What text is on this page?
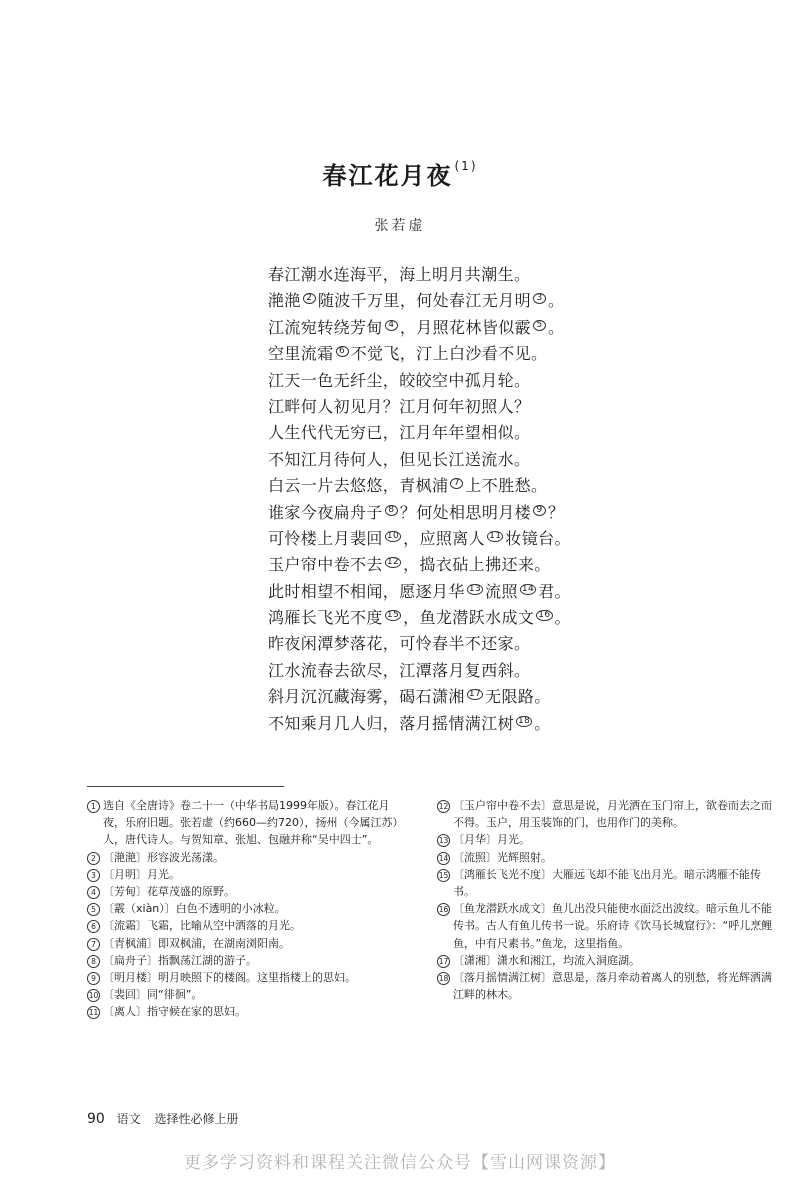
春江花月夜 $^{(1)}$
张若虚
春江潮水连海平，海上明月共潮生。
滟滟 2 随波千万里，何处春江无月明 3 。
江流宛转绕芳甸 4 ，月照花林皆似霰 5 。
空里流霜 6 不觉飞，汀上白沙看不见。
江天一色无纤尘，皎皎空中孤月轮。
江畔何人初见月？江月何年初照人？
人生代代无穷已，江月年年望相似。
不知江月待何人，但见长江送流水。
白云一片去悠悠，青枫浦 7 上不胜愁。
谁家今夜扁舟子 8 ？何处相思明月楼 9 ？
可怜楼上月裴回 10 ，应照离人 11 妆镜台。
玉户帘中卷不去 12 ，捣衣砧上拂还来。
此时相望不相闻，愿逐月华 13 流照 14 君。
鸿雁长飞光不度 15 ，鱼龙潜跃水成文 16 。
昨夜闲潭梦落花，可怜春半不还家。
江水流春去欲尽，江潭落月复西斜。
斜月沉沉藏海雾，碣石潇湘 17 无限路。
不知乘月几人归，落月摇情满江树 18 。
1 选自《全唐诗》卷二十一（中华书局1999年版）。春江花月夜，乐府旧题。张若虚（约660—约720），扬州（今属江苏）人，唐代诗人。与贺知章、张旭、包融并称“吴中四士”。
2 〔滟滟〕形容波光荡漾。
3 〔月明〕月光。
4 〔芳甸〕花草茂盛的原野。
5 〔霰（xiàn）〕白色不透明的小冰粒。
6 〔流霜〕飞霜，比喻从空中洒落的月光。
7 〔青枫浦〕即双枫浦，在湖南浏阳南。
8 〔扁舟子〕指飘荡江湖的游子。
9 〔明月楼〕明月映照下的楼阁。这里指楼上的思妇。
10 〔裴回〕同“徘徊”。
11 〔离人〕指守候在家的思妇。
12 〔玉户帘中卷不去〕意思是说，月光洒在玉门帘上，欲卷而去之而不得。玉户，用玉装饰的门，也用作门的美称。
13 〔月华〕月光。
14 〔流照〕光辉照射。
15 〔鸿雁长飞光不度〕大雁远飞却不能飞出月光。暗示鸿雁不能传书。
16 〔鱼龙潜跃水成文〕鱼儿出没只能使水面泛出波纹。暗示鱼儿不能传书。古人有鱼儿传书一说。乐府诗《饮马长城窟行》：“呼儿烹鲤鱼，中有尺素书。”鱼龙，这里指鱼。
17 〔潇湘〕潇水和湘江，均流入洞庭湖。
18 〔落月摇情满江树〕意思是，落月牵动着离人的别愁，将光辉洒满江畔的林木。
90 语文 选择性必修上册
更多学习资料和课程关注微信公众号【雪山网课资源】
